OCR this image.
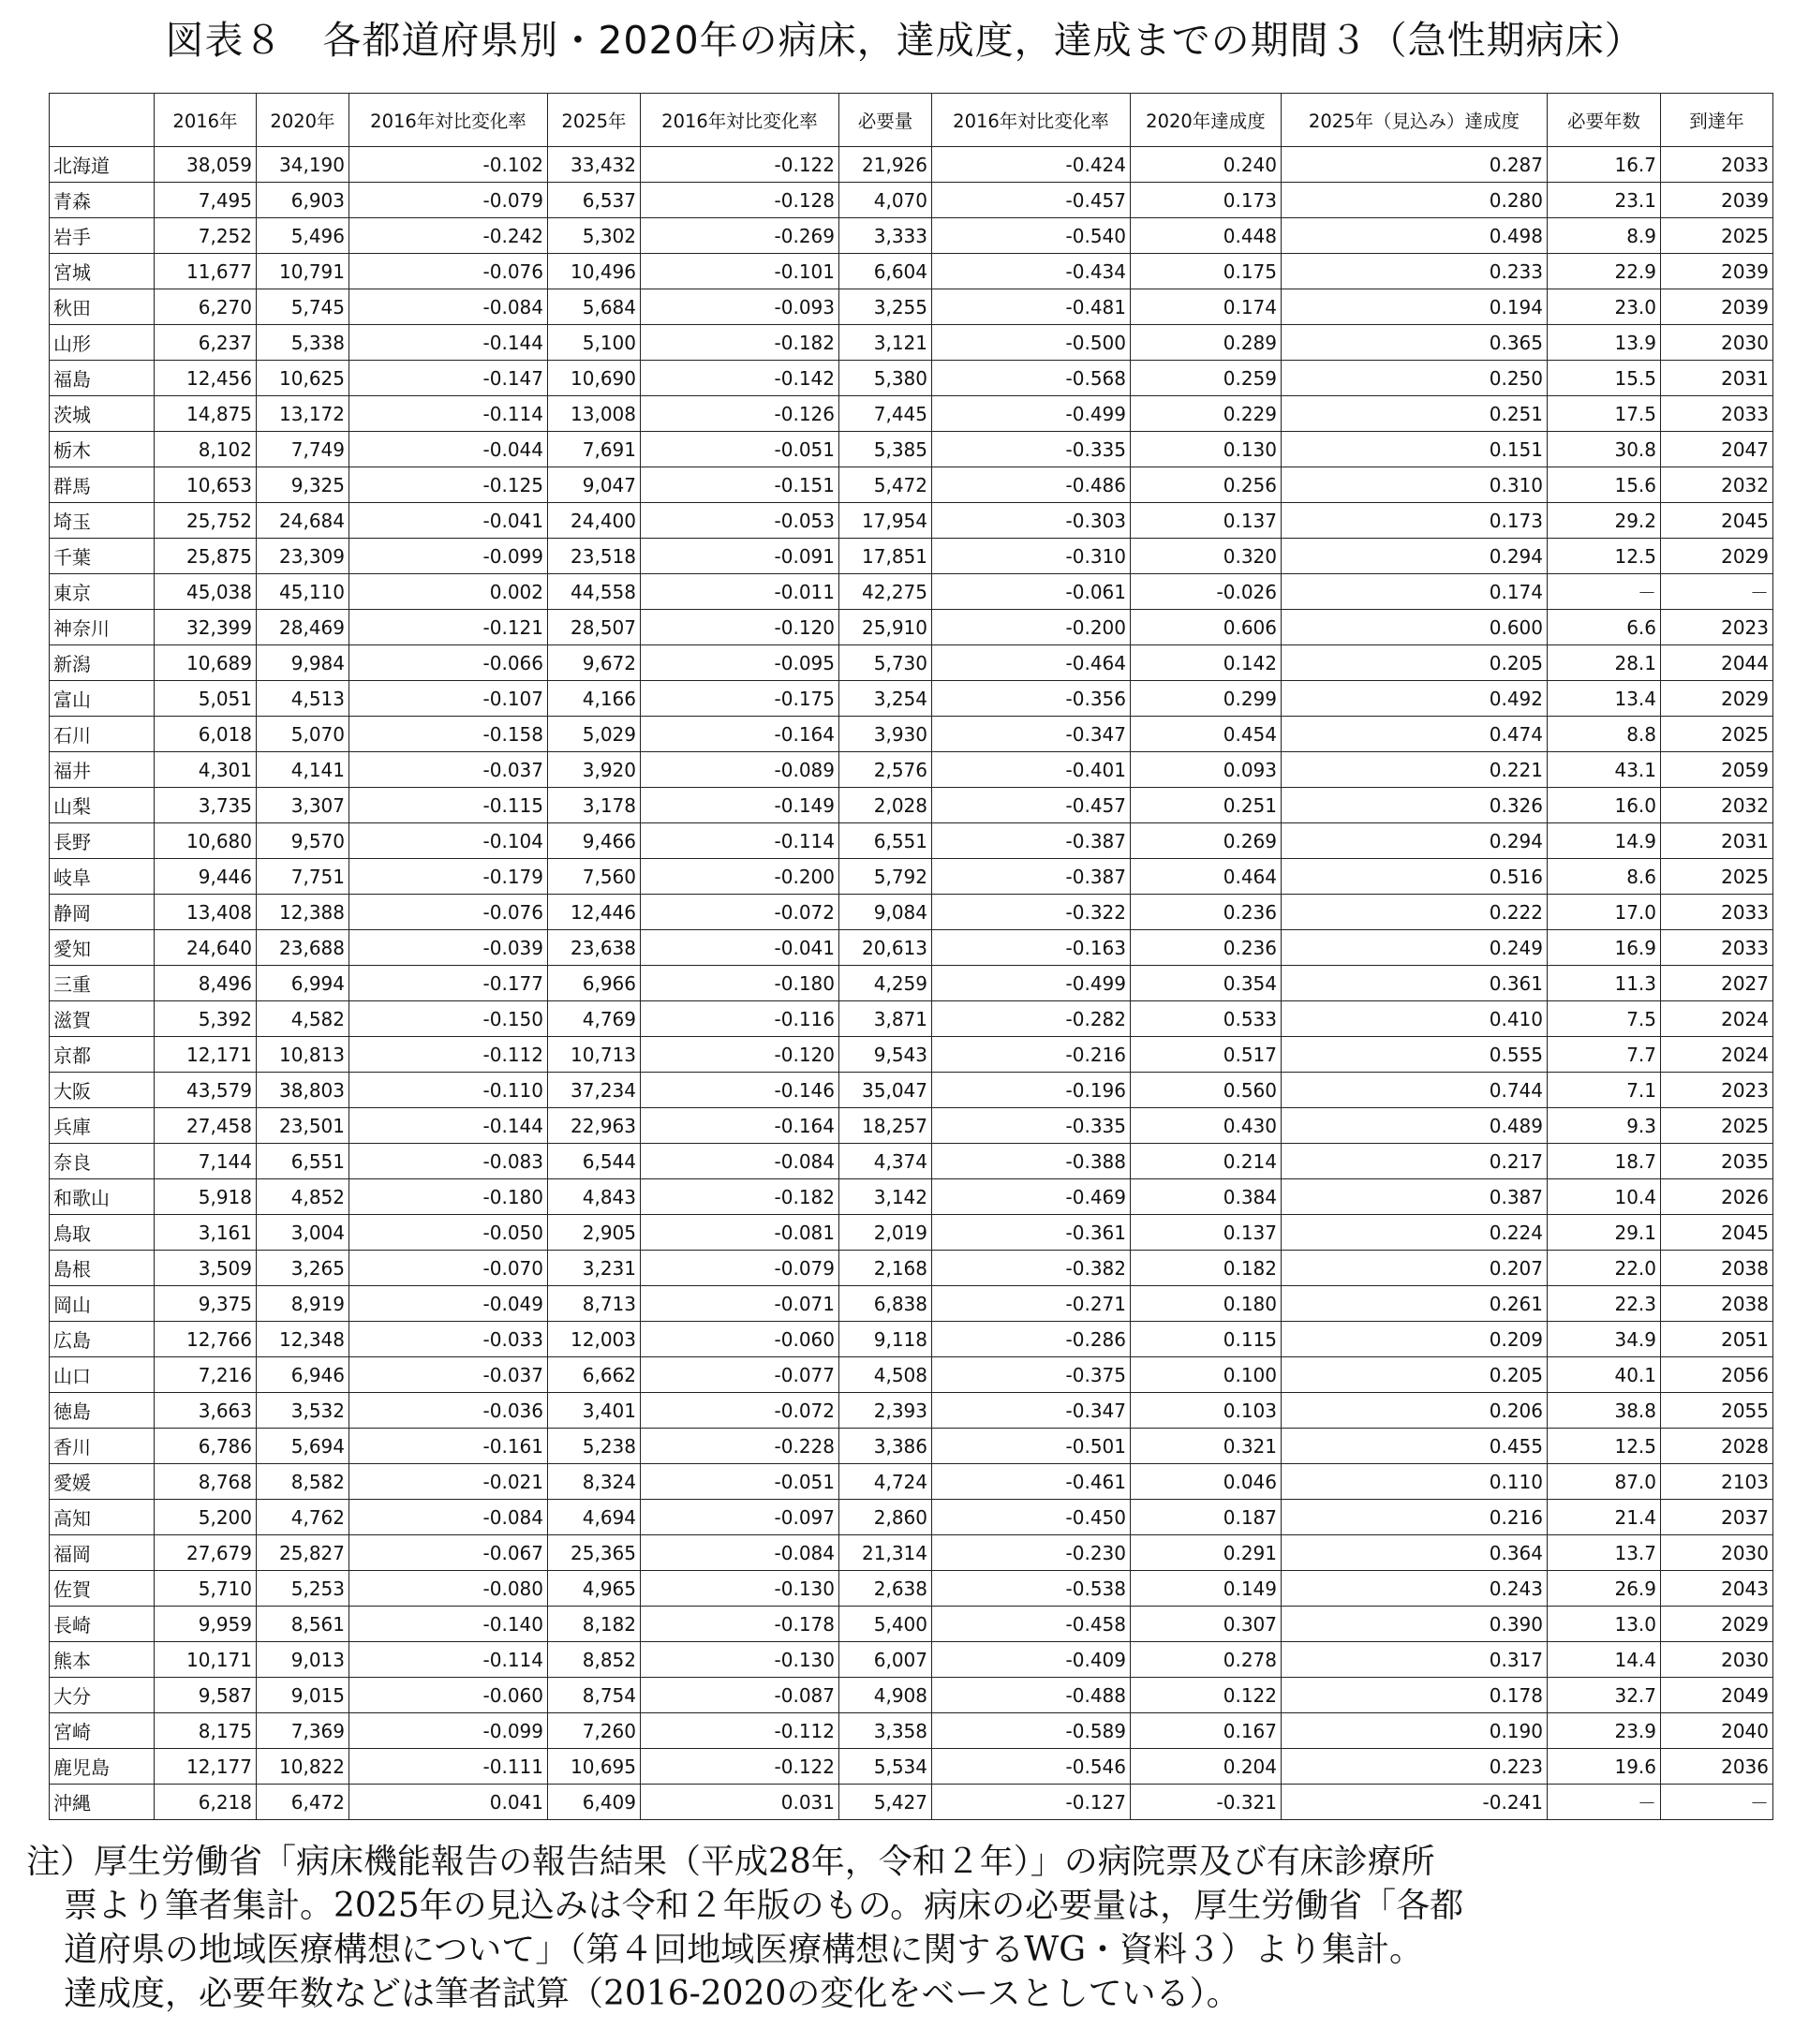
図表８　各都道府県別・2020年の病床，達成度，達成までの期間３（急性期病床）
	2016年	2020年	2016年対比変化率	2025年	2016年対比変化率	必要量	2016年対比変化率	2020年達成度	2025年（見込み）達成度	必要年数	到達年
北海道	38,059	34,190	-0.102	33,432	-0.122	21,926	-0.424	0.240	0.287	16.7	2033
青森	7,495	6,903	-0.079	6,537	-0.128	4,070	-0.457	0.173	0.280	23.1	2039
岩手	7,252	5,496	-0.242	5,302	-0.269	3,333	-0.540	0.448	0.498	8.9	2025
宮城	11,677	10,791	-0.076	10,496	-0.101	6,604	-0.434	0.175	0.233	22.9	2039
秋田	6,270	5,745	-0.084	5,684	-0.093	3,255	-0.481	0.174	0.194	23.0	2039
山形	6,237	5,338	-0.144	5,100	-0.182	3,121	-0.500	0.289	0.365	13.9	2030
福島	12,456	10,625	-0.147	10,690	-0.142	5,380	-0.568	0.259	0.250	15.5	2031
茨城	14,875	13,172	-0.114	13,008	-0.126	7,445	-0.499	0.229	0.251	17.5	2033
栃木	8,102	7,749	-0.044	7,691	-0.051	5,385	-0.335	0.130	0.151	30.8	2047
群馬	10,653	9,325	-0.125	9,047	-0.151	5,472	-0.486	0.256	0.310	15.6	2032
埼玉	25,752	24,684	-0.041	24,400	-0.053	17,954	-0.303	0.137	0.173	29.2	2045
千葉	25,875	23,309	-0.099	23,518	-0.091	17,851	-0.310	0.320	0.294	12.5	2029
東京	45,038	45,110	0.002	44,558	-0.011	42,275	-0.061	-0.026	0.174	－	－
神奈川	32,399	28,469	-0.121	28,507	-0.120	25,910	-0.200	0.606	0.600	6.6	2023
新潟	10,689	9,984	-0.066	9,672	-0.095	5,730	-0.464	0.142	0.205	28.1	2044
富山	5,051	4,513	-0.107	4,166	-0.175	3,254	-0.356	0.299	0.492	13.4	2029
石川	6,018	5,070	-0.158	5,029	-0.164	3,930	-0.347	0.454	0.474	8.8	2025
福井	4,301	4,141	-0.037	3,920	-0.089	2,576	-0.401	0.093	0.221	43.1	2059
山梨	3,735	3,307	-0.115	3,178	-0.149	2,028	-0.457	0.251	0.326	16.0	2032
長野	10,680	9,570	-0.104	9,466	-0.114	6,551	-0.387	0.269	0.294	14.9	2031
岐阜	9,446	7,751	-0.179	7,560	-0.200	5,792	-0.387	0.464	0.516	8.6	2025
静岡	13,408	12,388	-0.076	12,446	-0.072	9,084	-0.322	0.236	0.222	17.0	2033
愛知	24,640	23,688	-0.039	23,638	-0.041	20,613	-0.163	0.236	0.249	16.9	2033
三重	8,496	6,994	-0.177	6,966	-0.180	4,259	-0.499	0.354	0.361	11.3	2027
滋賀	5,392	4,582	-0.150	4,769	-0.116	3,871	-0.282	0.533	0.410	7.5	2024
京都	12,171	10,813	-0.112	10,713	-0.120	9,543	-0.216	0.517	0.555	7.7	2024
大阪	43,579	38,803	-0.110	37,234	-0.146	35,047	-0.196	0.560	0.744	7.1	2023
兵庫	27,458	23,501	-0.144	22,963	-0.164	18,257	-0.335	0.430	0.489	9.3	2025
奈良	7,144	6,551	-0.083	6,544	-0.084	4,374	-0.388	0.214	0.217	18.7	2035
和歌山	5,918	4,852	-0.180	4,843	-0.182	3,142	-0.469	0.384	0.387	10.4	2026
鳥取	3,161	3,004	-0.050	2,905	-0.081	2,019	-0.361	0.137	0.224	29.1	2045
島根	3,509	3,265	-0.070	3,231	-0.079	2,168	-0.382	0.182	0.207	22.0	2038
岡山	9,375	8,919	-0.049	8,713	-0.071	6,838	-0.271	0.180	0.261	22.3	2038
広島	12,766	12,348	-0.033	12,003	-0.060	9,118	-0.286	0.115	0.209	34.9	2051
山口	7,216	6,946	-0.037	6,662	-0.077	4,508	-0.375	0.100	0.205	40.1	2056
徳島	3,663	3,532	-0.036	3,401	-0.072	2,393	-0.347	0.103	0.206	38.8	2055
香川	6,786	5,694	-0.161	5,238	-0.228	3,386	-0.501	0.321	0.455	12.5	2028
愛媛	8,768	8,582	-0.021	8,324	-0.051	4,724	-0.461	0.046	0.110	87.0	2103
高知	5,200	4,762	-0.084	4,694	-0.097	2,860	-0.450	0.187	0.216	21.4	2037
福岡	27,679	25,827	-0.067	25,365	-0.084	21,314	-0.230	0.291	0.364	13.7	2030
佐賀	5,710	5,253	-0.080	4,965	-0.130	2,638	-0.538	0.149	0.243	26.9	2043
長崎	9,959	8,561	-0.140	8,182	-0.178	5,400	-0.458	0.307	0.390	13.0	2029
熊本	10,171	9,013	-0.114	8,852	-0.130	6,007	-0.409	0.278	0.317	14.4	2030
大分	9,587	9,015	-0.060	8,754	-0.087	4,908	-0.488	0.122	0.178	32.7	2049
宮崎	8,175	7,369	-0.099	7,260	-0.112	3,358	-0.589	0.167	0.190	23.9	2040
鹿児島	12,177	10,822	-0.111	10,695	-0.122	5,534	-0.546	0.204	0.223	19.6	2036
沖縄	6,218	6,472	0.041	6,409	0.031	5,427	-0.127	-0.321	-0.241	－	－
注）厚生労働省「病床機能報告の報告結果（平成28年，令和２年）」の病院票及び有床診療所
票より筆者集計。2025年の見込みは令和２年版のもの。病床の必要量は，厚生労働省「各都
道府県の地域医療構想について」（第４回地域医療構想に関するWG・資料３）より集計。
達成度，必要年数などは筆者試算（2016-2020の変化をベースとしている）。
